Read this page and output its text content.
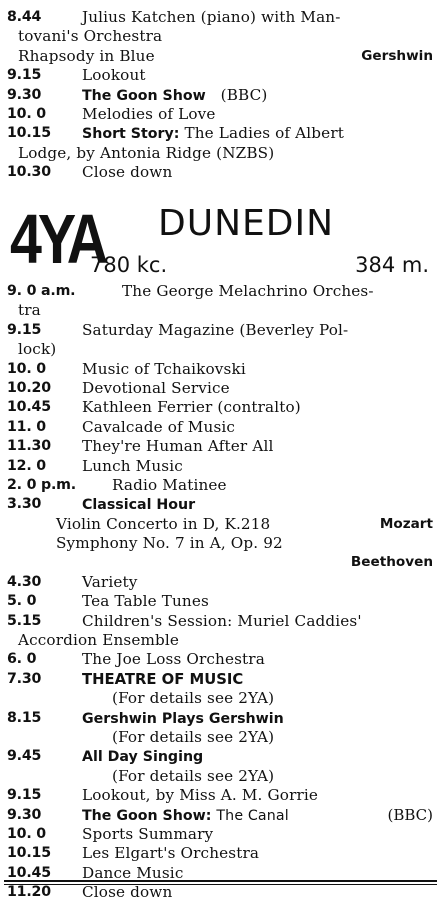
8.44	Julius Katchen (piano) with Man-
tovani's Orchestra
Rhapsody in Blue	Gershwin
9.15	Lookout
9.30	The Goon Show (BBC)
10. 0 Melodies of Love
10.15 Short Story: The Ladies of Albert
Lodge, by Antonia Ridge (NZBS)
10.30 Close down
4YA DUNEDIN
780 kc.	384 m.
9. 0 a.m.	The George Melachrino Orches-
tra
9.15	Saturday Magazine (Beverley Pol-
lock)
10. 0 Music of Tchaikovski
10.20 Devotional Service
10.45 Kathleen Ferrier (contralto)
11. 0 Cavalcade of Music
11.30 They're Human After All
12. 0 Lunch Music
2. 0 p.m. Radio Matinee
3.30	Classical Hour
Violin Concerto in D, K.218	Mozart
Symphony No. 7 in A, Op. 92
Beethoven
4.30	Variety
5. 0	Tea Table Tunes
5.15	Children's Session: Muriel Caddies'
Accordion Ensemble
6. 0	The Joe Loss Orchestra
7.30	THEATRE OF MUSIC
(For details see 2YA)
8.15	Gershwin Plays Gershwin
(For details see 2YA)
9.45	All Day Singing
(For details see 2YA)
9.15	Lookout, by Miss A. M. Gorrie
9.30	The Goon Show: The Canal	(BBC)
10. 0 Sports Summary
10.15 Les Elgart's Orchestra
10.45 Dance Music
11.20 Close down
